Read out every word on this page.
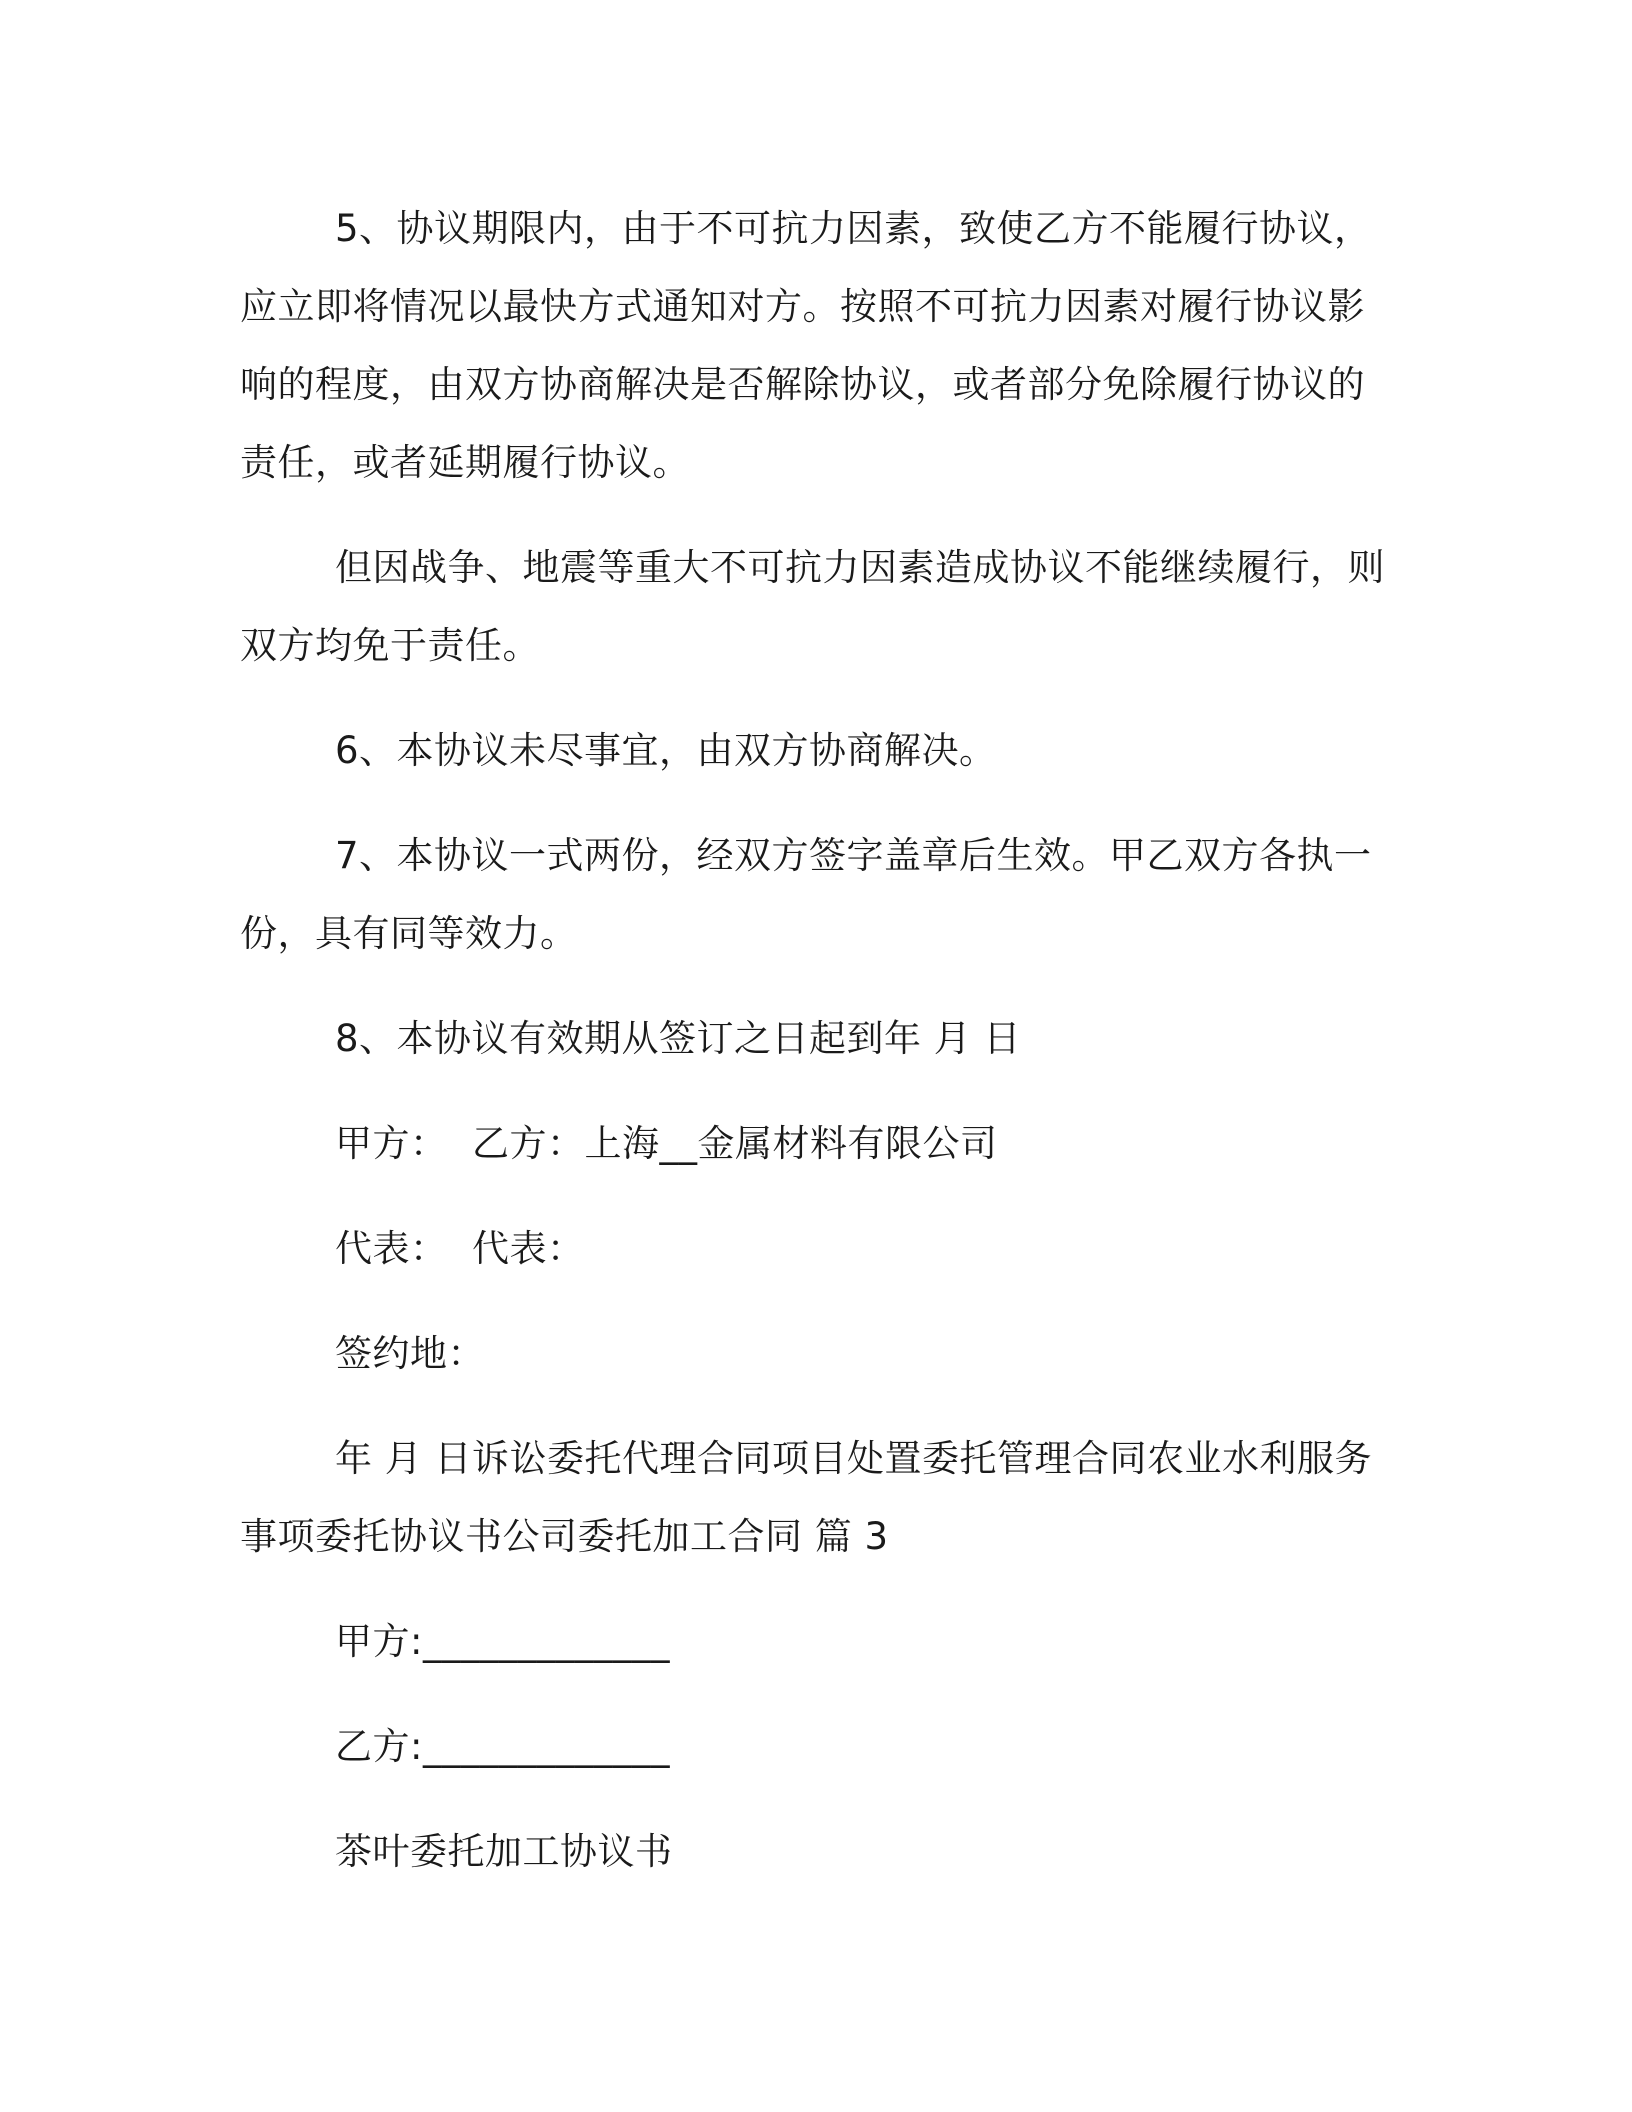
5、协议期限内，由于不可抗力因素，致使乙方不能履行协议，应立即将情况以最快方式通知对方。按照不可抗力因素对履行协议影响的程度，由双方协商解决是否解除协议，或者部分免除履行协议的责任，或者延期履行协议。

但因战争、地震等重大不可抗力因素造成协议不能继续履行，则双方均免于责任。

6、本协议未尽事宜，由双方协商解决。

7、本协议一式两份，经双方签字盖章后生效。甲乙双方各执一份，具有同等效力。

8、本协议有效期从签订之日起到年 月 日

甲方：  乙方：上海__金属材料有限公司

代表：  代表：

签约地：

年 月 日诉讼委托代理合同项目处置委托管理合同农业水利服务事项委托协议书公司委托加工合同 篇 3

甲方:_____________

乙方:_____________

茶叶委托加工协议书
